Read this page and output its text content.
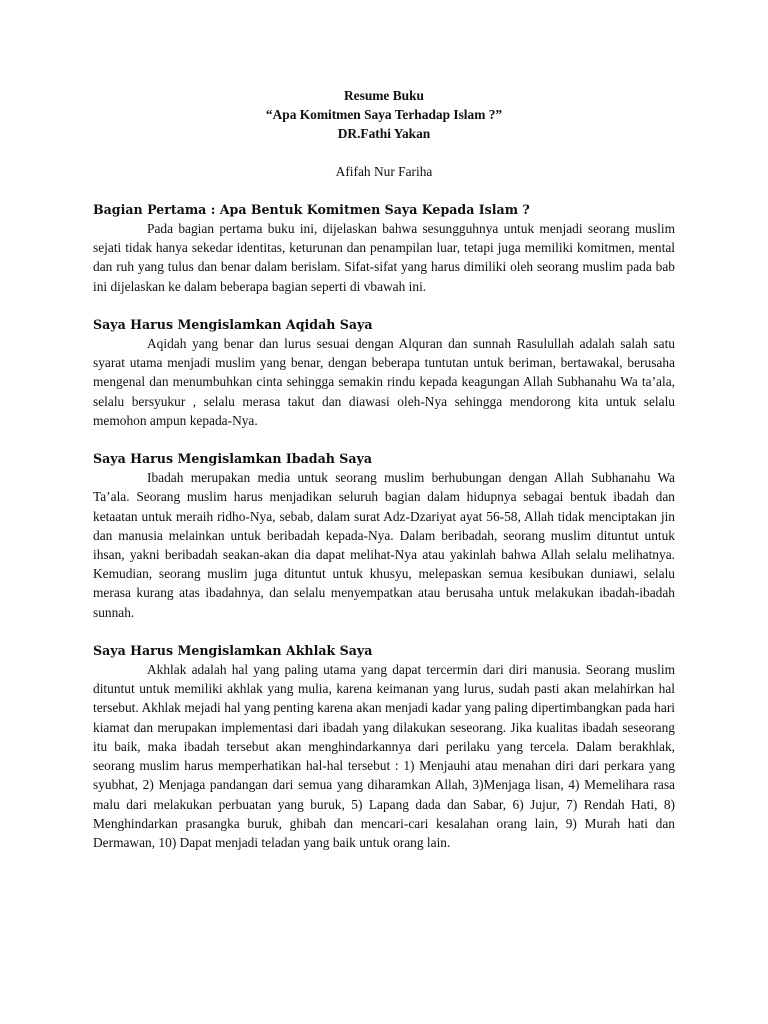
Resume Buku
“Apa Komitmen Saya Terhadap Islam ?”
DR.Fathi Yakan
Afifah Nur Fariha
Bagian Pertama : Apa Bentuk Komitmen Saya Kepada Islam ?

Pada bagian pertama buku ini, dijelaskan bahwa sesungguhnya untuk menjadi seorang muslim sejati tidak hanya sekedar identitas, keturunan dan penampilan luar, tetapi juga memiliki komitmen, mental dan ruh yang tulus dan benar dalam berislam. Sifat-sifat yang harus dimiliki oleh seorang muslim pada bab ini dijelaskan ke dalam beberapa bagian seperti di vbawah ini.

Saya Harus Mengislamkan Aqidah Saya

Aqidah yang benar dan lurus sesuai dengan Alquran dan sunnah Rasulullah adalah salah satu syarat utama menjadi muslim yang benar, dengan beberapa tuntutan untuk beriman, bertawakal, berusaha mengenal dan menumbuhkan cinta sehingga semakin rindu kepada keagungan Allah Subhanahu Wa ta’ala, selalu bersyukur , selalu merasa takut dan diawasi oleh-Nya sehingga mendorong kita untuk selalu memohon ampun kepada-Nya.

Saya Harus Mengislamkan Ibadah Saya

Ibadah merupakan media untuk seorang muslim berhubungan dengan Allah Subhanahu Wa Ta’ala. Seorang muslim harus menjadikan seluruh bagian dalam hidupnya sebagai bentuk ibadah dan ketaatan untuk meraih ridho-Nya, sebab, dalam surat Adz-Dzariyat ayat 56-58, Allah tidak menciptakan jin dan manusia melainkan untuk beribadah kepada-Nya. Dalam beribadah, seorang muslim dituntut untuk ihsan, yakni beribadah seakan-akan dia dapat melihat-Nya atau yakinlah bahwa Allah selalu melihatnya. Kemudian, seorang muslim juga dituntut untuk khusyu, melepaskan semua kesibukan duniawi, selalu merasa kurang atas ibadahnya, dan selalu menyempatkan atau berusaha untuk melakukan ibadah-ibadah sunnah.

Saya Harus Mengislamkan Akhlak Saya

Akhlak adalah hal yang paling utama yang dapat tercermin dari diri manusia. Seorang muslim dituntut untuk memiliki akhlak yang mulia, karena keimanan yang lurus, sudah pasti akan melahirkan hal tersebut. Akhlak mejadi hal yang penting karena akan menjadi kadar yang paling dipertimbangkan pada hari kiamat dan merupakan implementasi dari ibadah yang dilakukan seseorang. Jika kualitas ibadah seseorang itu baik, maka ibadah tersebut akan menghindarkannya dari perilaku yang tercela. Dalam berakhlak, seorang muslim harus memperhatikan hal-hal tersebut : 1) Menjauhi atau menahan diri dari perkara yang syubhat, 2) Menjaga pandangan dari semua yang diharamkan Allah, 3)Menjaga lisan, 4) Memelihara rasa malu dari melakukan perbuatan yang buruk, 5) Lapang dada dan Sabar, 6) Jujur, 7) Rendah Hati, 8) Menghindarkan prasangka buruk, ghibah dan mencari-cari kesalahan orang lain, 9) Murah hati dan Dermawan, 10) Dapat menjadi teladan yang baik untuk orang lain.
